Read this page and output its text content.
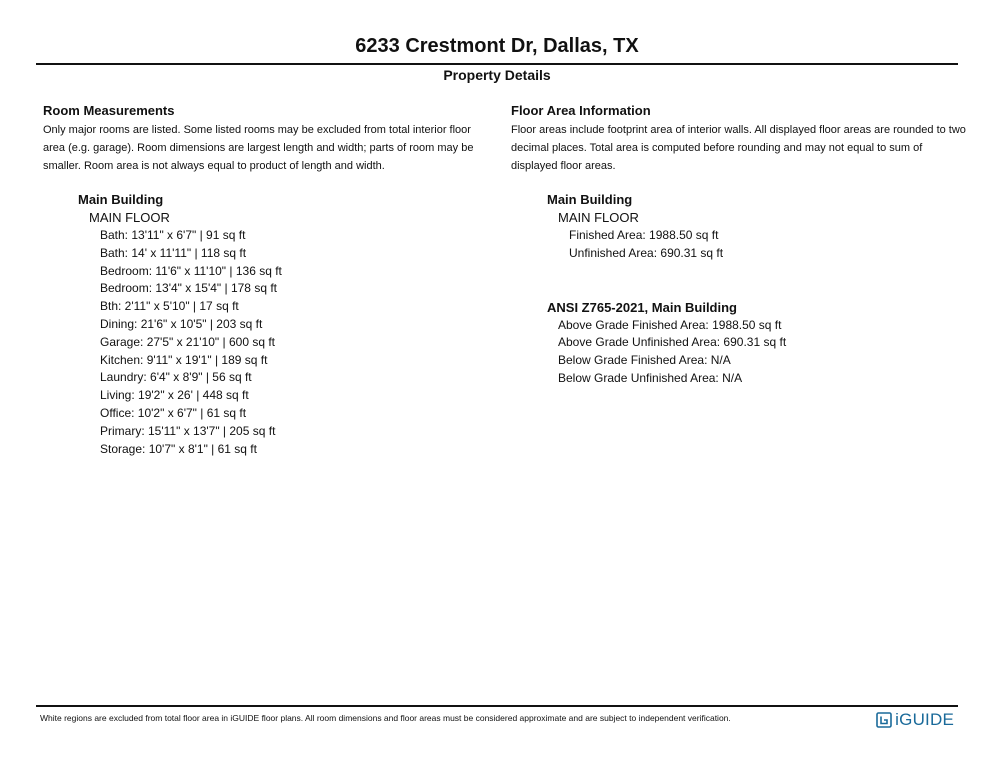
6233 Crestmont Dr, Dallas, TX
Property Details
Room Measurements

Only major rooms are listed. Some listed rooms may be excluded from total interior floor area (e.g. garage). Room dimensions are largest length and width; parts of room may be smaller. Room area is not always equal to product of length and width.

Main Building

MAIN FLOOR

Bath: 13'11" x 6'7" | 91 sq ft

Bath: 14' x 11'11" | 118 sq ft

Bedroom: 11'6" x 11'10" | 136 sq ft

Bedroom: 13'4" x 15'4" | 178 sq ft

Bth: 2'11" x 5'10" | 17 sq ft

Dining: 21'6" x 10'5" | 203 sq ft

Garage: 27'5" x 21'10" | 600 sq ft

Kitchen: 9'11" x 19'1" | 189 sq ft

Laundry: 6'4" x 8'9" | 56 sq ft

Living: 19'2" x 26' | 448 sq ft

Office: 10'2" x 6'7" | 61 sq ft

Primary: 15'11" x 13'7" | 205 sq ft

Storage: 10'7" x 8'1" | 61 sq ft

Floor Area Information

Floor areas include footprint area of interior walls. All displayed floor areas are rounded to two decimal places. Total area is computed before rounding and may not equal to sum of displayed floor areas.

Main Building

MAIN FLOOR

Finished Area: 1988.50 sq ft

Unfinished Area: 690.31 sq ft

ANSI Z765-2021, Main Building

Above Grade Finished Area: 1988.50 sq ft

Above Grade Unfinished Area: 690.31 sq ft

Below Grade Finished Area: N/A

Below Grade Unfinished Area: N/A

White regions are excluded from total floor area in iGUIDE floor plans. All room dimensions and floor areas must be considered approximate and are subject to independent verification.	iGUIDE
